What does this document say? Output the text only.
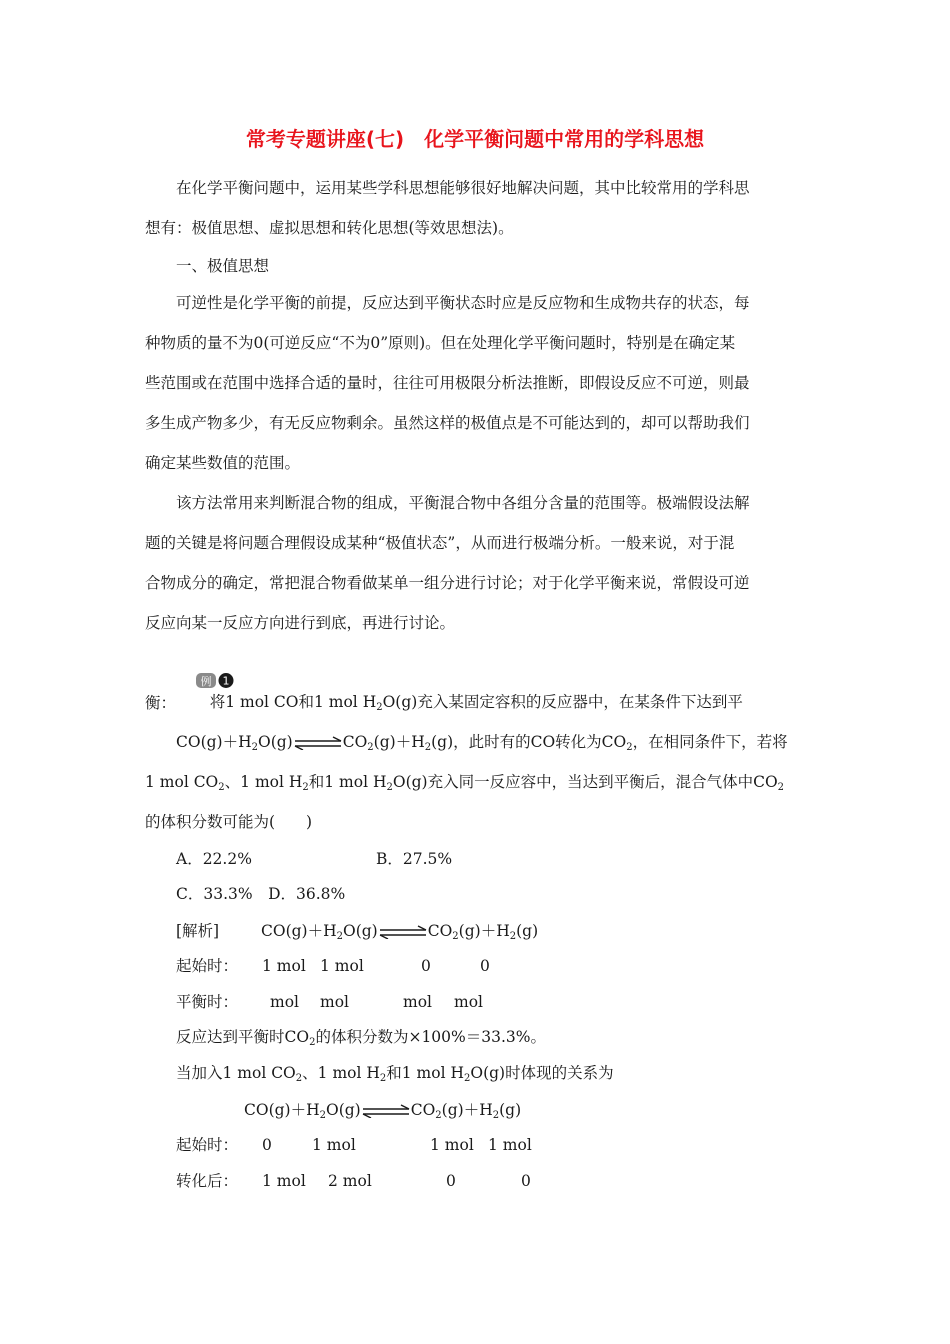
常考专题讲座(七)　化学平衡问题中常用的学科思想
在化学平衡问题中，运用某些学科思想能够很好地解决问题，其中比较常用的学科思
想有：极值思想、虚拟思想和转化思想(等效思想法)。
一、极值思想
可逆性是化学平衡的前提，反应达到平衡状态时应是反应物和生成物共存的状态，每
种物质的量不为0(可逆反应“不为0”原则)。但在处理化学平衡问题时，特别是在确定某
些范围或在范围中选择合适的量时，往往可用极限分析法推断，即假设反应不可逆，则最
多生成产物多少，有无反应物剩余。虽然这样的极值点是不可能达到的，却可以帮助我们
确定某些数值的范围。
该方法常用来判断混合物的组成，平衡混合物中各组分含量的范围等。极端假设法解
题的关键是将问题合理假设成某种“极值状态”，从而进行极端分析。一般来说，对于混
合物成分的确定，常把混合物看做某单一组分进行讨论；对于化学平衡来说，常假设可逆
反应向某一反应方向进行到底，再进行讨论。

例 1

将1 mol CO和1 mol $H_2O(g)$充入某固定容积的反应器中，在某条件下达到平

衡：
$CO(g)+H_2O(g)\rightleftharpoons CO_2(g)+H_2(g)$，此时有的CO转化为$CO_2$，在相同条件下，若将
1 mol $CO_2$、1 mol $H_2$和1 mol $H_2O(g)$充入同一反应容中，当达到平衡后，混合气体中$CO_2$
的体积分数可能为(　　)
A．22.2%	B．27.5%
C．33.3%　D．36.8%
[解析]	$CO(g)+H_2O(g)\rightleftharpoons CO_2(g)+H_2(g)$
起始时： 1 mol 1 mol	0	0
平衡时： mol mol	mol mol
反应达到平衡时$CO_2$的体积分数为×100%＝33.3%。
当加入1 mol $CO_2$、1 mol $H_2$和1 mol $H_2O(g)$时体现的关系为
$CO(g)+H_2O(g)\rightleftharpoons CO_2(g)+H_2(g)$
起始时： 0	1 mol	1 mol 1 mol
转化后： 1 mol 2 mol	0	0
